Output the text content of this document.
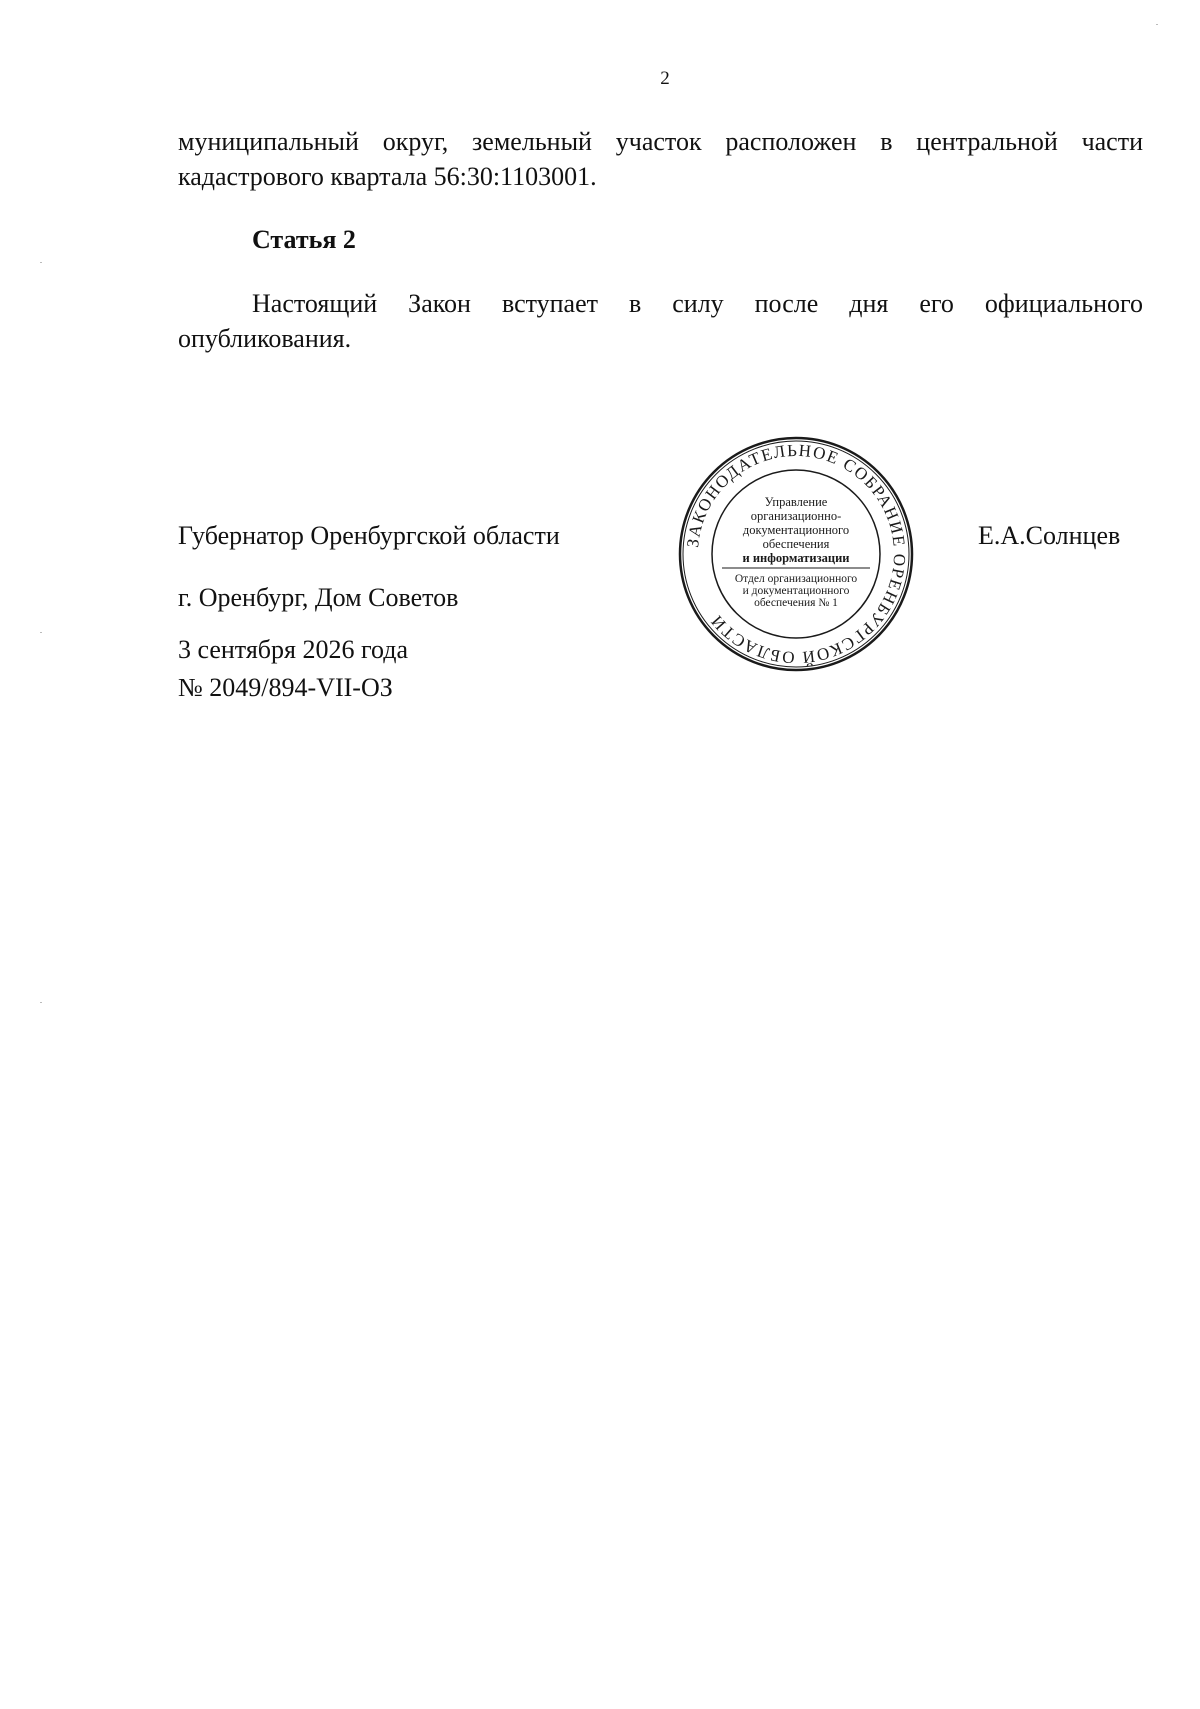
2
муниципальный округ, земельный участок расположен в центральной части
кадастрового квартала 56:30:1103001.
Статья 2
Настоящий Закон вступает в силу после дня его официального
опубликования.
Губернатор Оренбургской области	Е.А.Солнцев
г. Оренбург, Дом Советов
3 сентября 2026 года
№ 2049/894-VII-ОЗ
ЗАКОНОДАТЕЛЬНОЕ СОБРАНИЕ ОРЕНБУРГСКОЙ ОБЛАСТИ
Управление
организационно-
документационного
обеспечения
и информатизации
Отдел организационного
и документационного
обеспечения № 1
